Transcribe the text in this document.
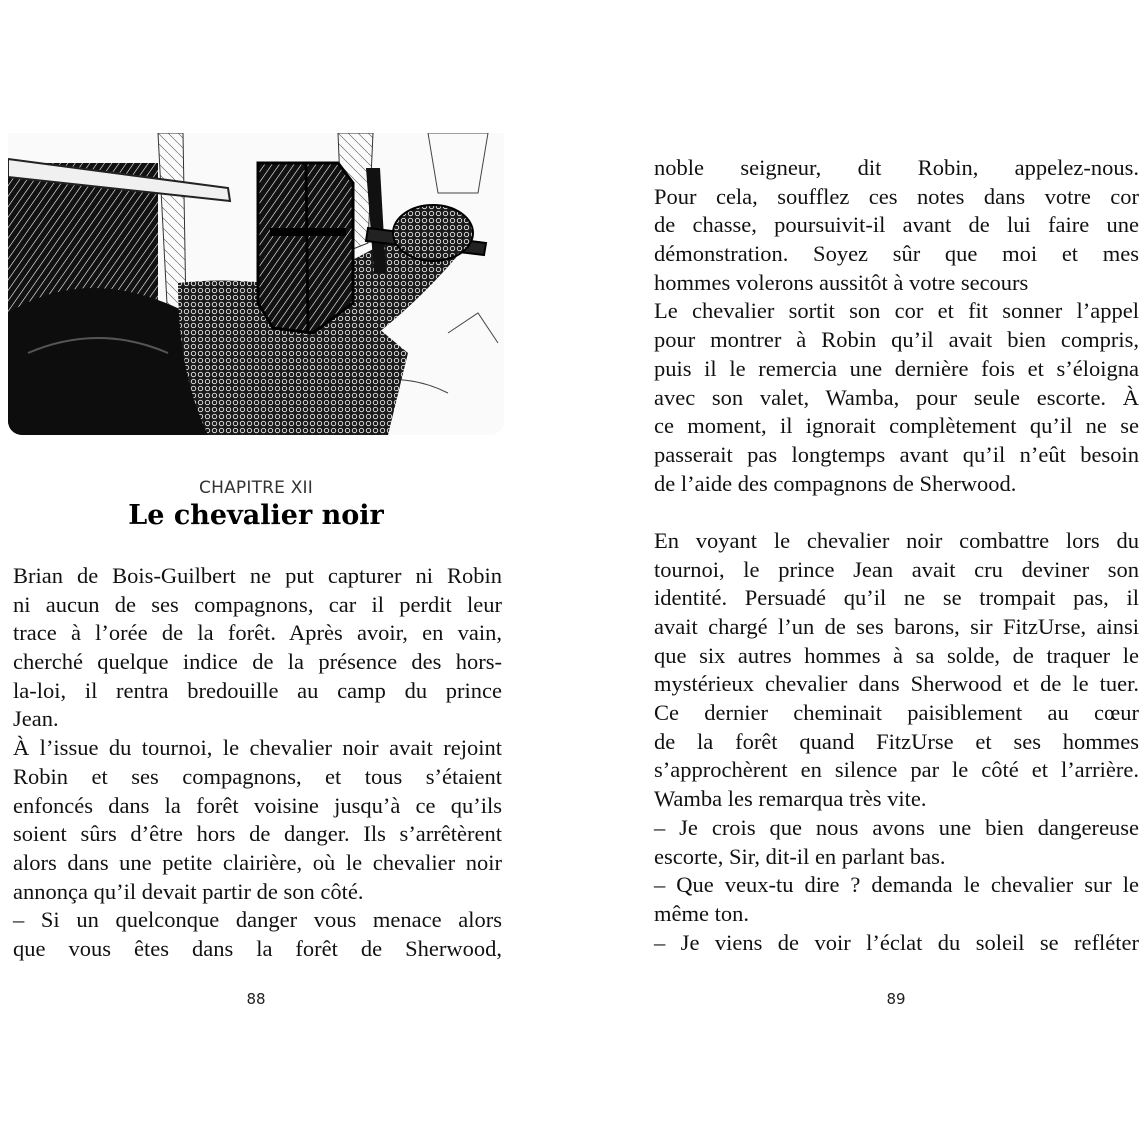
CHAPITRE XII
Le chevalier noir
Brian de Bois-Guilbert ne put capturer ni Robin
ni aucun de ses compagnons, car il perdit leur
trace à l’orée de la forêt. Après avoir, en vain,
cherché quelque indice de la présence des hors-
la-loi, il rentra bredouille au camp du prince
Jean.
À l’issue du tournoi, le chevalier noir avait rejoint
Robin et ses compagnons, et tous s’étaient
enfoncés dans la forêt voisine jusqu’à ce qu’ils
soient sûrs d’être hors de danger. Ils s’arrêtèrent
alors dans une petite clairière, où le chevalier noir
annonça qu’il devait partir de son côté.
– Si un quelconque danger vous menace alors
que vous êtes dans la forêt de Sherwood,
88
noble seigneur, dit Robin, appelez-nous.
Pour cela, soufflez ces notes dans votre cor
de chasse, poursuivit-il avant de lui faire une
démonstration. Soyez sûr que moi et mes
hommes volerons aussitôt à votre secours
Le chevalier sortit son cor et fit sonner l’appel
pour montrer à Robin qu’il avait bien compris,
puis il le remercia une dernière fois et s’éloigna
avec son valet, Wamba, pour seule escorte. À
ce moment, il ignorait complètement qu’il ne se
passerait pas longtemps avant qu’il n’eût besoin
de l’aide des compagnons de Sherwood.
En voyant le chevalier noir combattre lors du
tournoi, le prince Jean avait cru deviner son
identité. Persuadé qu’il ne se trompait pas, il
avait chargé l’un de ses barons, sir FitzUrse, ainsi
que six autres hommes à sa solde, de traquer le
mystérieux chevalier dans Sherwood et de le tuer.
Ce dernier cheminait paisiblement au cœur
de la forêt quand FitzUrse et ses hommes
s’approchèrent en silence par le côté et l’arrière.
Wamba les remarqua très vite.
– Je crois que nous avons une bien dangereuse
escorte, Sir, dit-il en parlant bas.
– Que veux-tu dire ? demanda le chevalier sur le
même ton.
– Je viens de voir l’éclat du soleil se refléter
89
